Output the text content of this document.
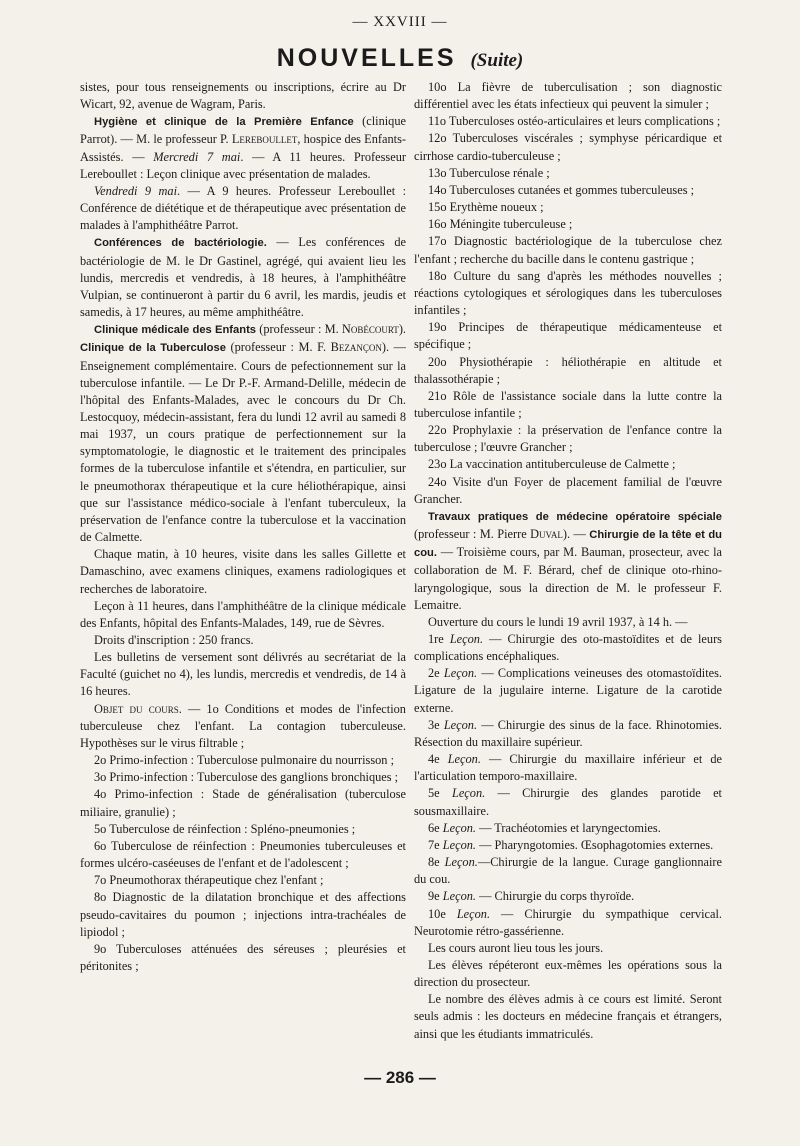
— XXVIII —
NOUVELLES (Suite)

sistes, pour tous renseignements ou inscriptions, écrire au Dr Wicart, 92, avenue de Wagram, Paris.

Hygiène et clinique de la Première Enfance (clinique Parrot). — M. le professeur P. Lereboullet, hospice des Enfants-Assistés. — Mercredi 7 mai. — A 11 heures. Professeur Lereboullet : Leçon clinique avec présentation de malades.

Vendredi 9 mai. — A 9 heures. Professeur Lereboullet : Conférence de diététique et de thérapeutique avec présentation de malades à l'amphithéâtre Parrot.

Conférences de bactériologie. — Les conférences de bactériologie de M. le Dr Gastinel, agrégé, qui avaient lieu les lundis, mercredis et vendredis, à 18 heures, à l'amphithéâtre Vulpian, se continueront à partir du 6 avril, les mardis, jeudis et samedis, à 17 heures, au même amphithéâtre.

Clinique médicale des Enfants (professeur : M. Nobécourt). Clinique de la Tuberculose (professeur : M. F. Bezançon). — Enseignement complémentaire. Cours de pefectionnement sur la tuberculose infantile. — Le Dr P.-F. Armand-Delille, médecin de l'hôpital des Enfants-Malades, avec le concours du Dr Ch. Lestocquoy, médecin-assistant, fera du lundi 12 avril au samedi 8 mai 1937, un cours pratique de perfectionnement sur la symptomatologie, le diagnostic et le traitement des principales formes de la tuberculose infantile et s'étendra, en particulier, sur le pneumothorax thérapeutique et la cure héliothérapique, ainsi que sur l'assistance médico-sociale à l'enfant tuberculeux, la préservation de l'enfance contre la tuberculose et la vaccination de Calmette.

Chaque matin, à 10 heures, visite dans les salles Gillette et Damaschino, avec examens cliniques, examens radiologiques et recherches de laboratoire.

Leçon à 11 heures, dans l'amphithéâtre de la clinique médicale des Enfants, hôpital des Enfants-Malades, 149, rue de Sèvres.

Droits d'inscription : 250 francs.

Les bulletins de versement sont délivrés au secrétariat de la Faculté (guichet no 4), les lundis, mercredis et vendredis, de 14 à 16 heures.

Objet du cours. — 1o Conditions et modes de l'infection tuberculeuse chez l'enfant. La contagion tuberculeuse. Hypothèses sur le virus filtrable ;

2o Primo-infection : Tuberculose pulmonaire du nourrisson ;

3o Primo-infection : Tuberculose des ganglions bronchiques ;

4o Primo-infection : Stade de généralisation (tuberculose miliaire, granulie) ;

5o Tuberculose de réinfection : Spléno-pneumonies ;

6o Tuberculose de réinfection : Pneumonies tuberculeuses et formes ulcéro-caséeuses de l'enfant et de l'adolescent ;

7o Pneumothorax thérapeutique chez l'enfant ;

8o Diagnostic de la dilatation bronchique et des affections pseudo-cavitaires du poumon ; injections intra-trachéales de lipiodol ;

9o Tuberculoses atténuées des séreuses ; pleurésies et péritonites ;

10o La fièvre de tuberculisation ; son diagnostic différentiel avec les états infectieux qui peuvent la simuler ;

11o Tuberculoses ostéo-articulaires et leurs complications ;

12o Tuberculoses viscérales ; symphyse péricardique et cirrhose cardio-tuberculeuse ;

13o Tuberculose rénale ;

14o Tuberculoses cutanées et gommes tuberculeuses ;

15o Erythème noueux ;

16o Méningite tuberculeuse ;

17o Diagnostic bactériologique de la tuberculose chez l'enfant ; recherche du bacille dans le contenu gastrique ;

18o Culture du sang d'après les méthodes nouvelles ; réactions cytologiques et sérologiques dans les tuberculoses infantiles ;

19o Principes de thérapeutique médicamenteuse et spécifique ;

20o Physiothérapie : héliothérapie en altitude et thalassothérapie ;

21o Rôle de l'assistance sociale dans la lutte contre la tuberculose infantile ;

22o Prophylaxie : la préservation de l'enfance contre la tuberculose ; l'œuvre Grancher ;

23o La vaccination antituberculeuse de Calmette ;

24o Visite d'un Foyer de placement familial de l'œuvre Grancher.

Travaux pratiques de médecine opératoire spéciale (professeur : M. Pierre Duval). — Chirurgie de la tête et du cou. — Troisième cours, par M. Bauman, prosecteur, avec la collaboration de M. F. Bérard, chef de clinique oto-rhino-laryngologique, sous la direction de M. le professeur F. Lemaitre.

Ouverture du cours le lundi 19 avril 1937, à 14 h. —

1re Leçon. — Chirurgie des oto-mastoïdites et de leurs complications encéphaliques.

2e Leçon. — Complications veineuses des otomastoïdites. Ligature de la jugulaire interne. Ligature de la carotide externe.

3e Leçon. — Chirurgie des sinus de la face. Rhinotomies. Résection du maxillaire supérieur.

4e Leçon. — Chirurgie du maxillaire inférieur et de l'articulation temporo-maxillaire.

5e Leçon. — Chirurgie des glandes parotide et sousmaxillaire.

6e Leçon. — Trachéotomies et laryngectomies.

7e Leçon. — Pharyngotomies. Œsophagotomies externes.

8e Leçon.—Chirurgie de la langue. Curage ganglionnaire du cou.

9e Leçon. — Chirurgie du corps thyroïde.

10e Leçon. — Chirurgie du sympathique cervical. Neurotomie rétro-gassérienne.

Les cours auront lieu tous les jours.

Les élèves répéteront eux-mêmes les opérations sous la direction du prosecteur.

Le nombre des élèves admis à ce cours est limité. Seront seuls admis : les docteurs en médecine français et étrangers, ainsi que les étudiants immatriculés.

— 286 —
